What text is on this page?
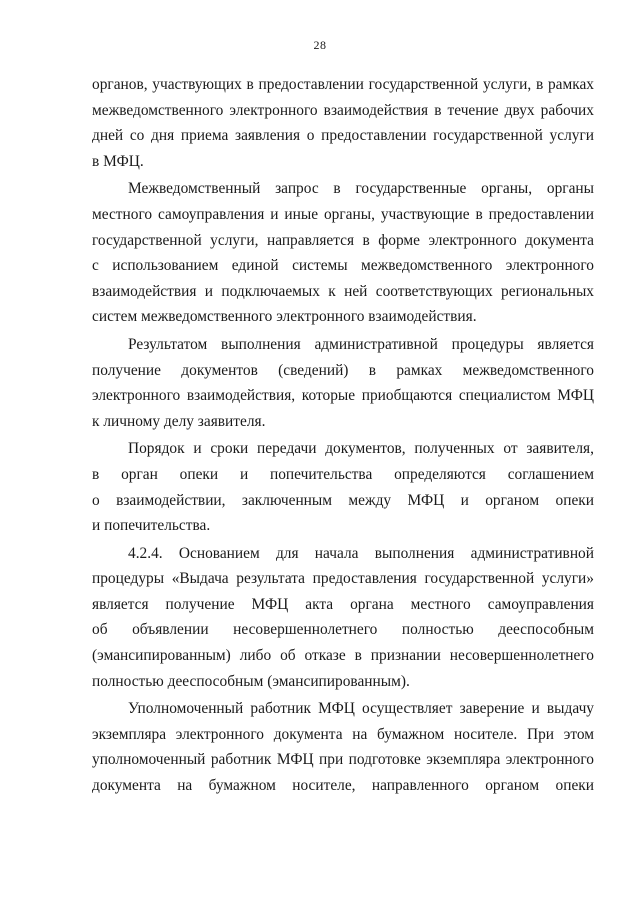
28
органов, участвующих в предоставлении государственной услуги, в рамках
межведомственного электронного взаимодействия в течение двух рабочих
дней со дня приема заявления о предоставлении государственной услуги
в МФЦ.
Межведомственный запрос в государственные органы, органы
местного самоуправления и иные органы, участвующие в предоставлении
государственной услуги, направляется в форме электронного документа
с использованием единой системы межведомственного электронного
взаимодействия и подключаемых к ней соответствующих региональных
систем межведомственного электронного взаимодействия.
Результатом выполнения административной процедуры является
получение документов (сведений) в рамках межведомственного
электронного взаимодействия, которые приобщаются специалистом МФЦ
к личному делу заявителя.
Порядок и сроки передачи документов, полученных от заявителя,
в орган опеки и попечительства определяются соглашением
о взаимодействии, заключенным между МФЦ и органом опеки
и попечительства.
4.2.4. Основанием для начала выполнения административной
процедуры «Выдача результата предоставления государственной услуги»
является получение МФЦ акта органа местного самоуправления
об объявлении несовершеннолетнего полностью дееспособным
(эмансипированным) либо об отказе в признании несовершеннолетнего
полностью дееспособным (эмансипированным).
Уполномоченный работник МФЦ осуществляет заверение и выдачу
экземпляра электронного документа на бумажном носителе. При этом
уполномоченный работник МФЦ при подготовке экземпляра электронного
документа на бумажном носителе, направленного органом опеки
